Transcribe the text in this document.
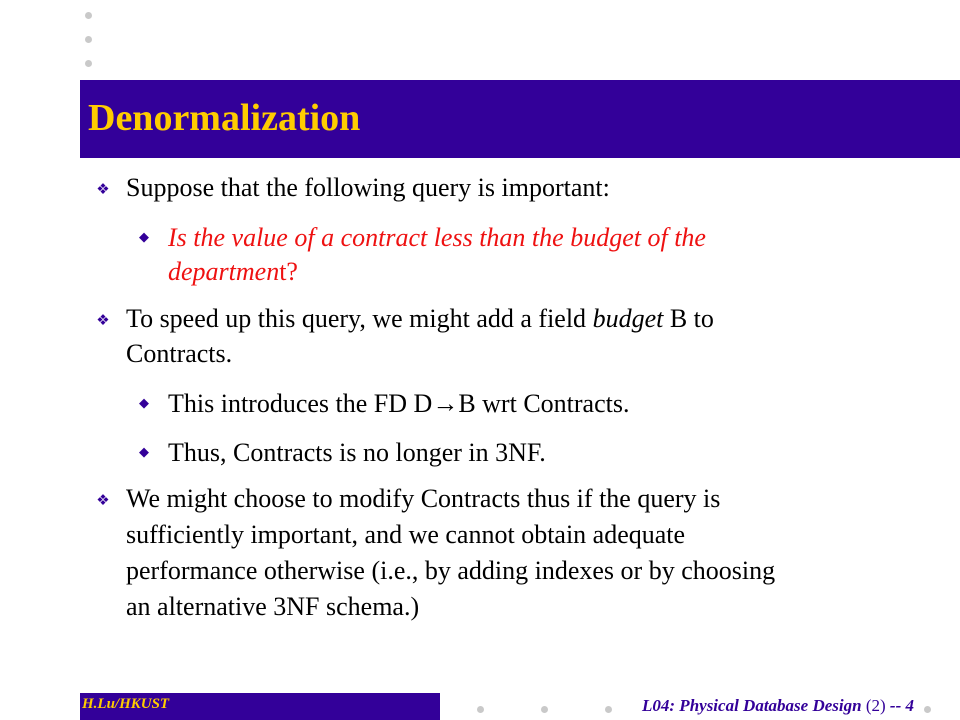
Denormalization
❖ Suppose that the following query is important:
◆ Is the value of a contract less than the budget of the
department?
❖ To speed up this query, we might add a field budget B to
Contracts.
◆ This introduces the FD D→B wrt Contracts.
◆ Thus, Contracts is no longer in 3NF.
❖ We might choose to modify Contracts thus if the query is
sufficiently important, and we cannot obtain adequate
performance otherwise (i.e., by adding indexes or by choosing
an alternative 3NF schema.)
H.Lu/HKUST	L04: Physical Database Design (2) -- 4
